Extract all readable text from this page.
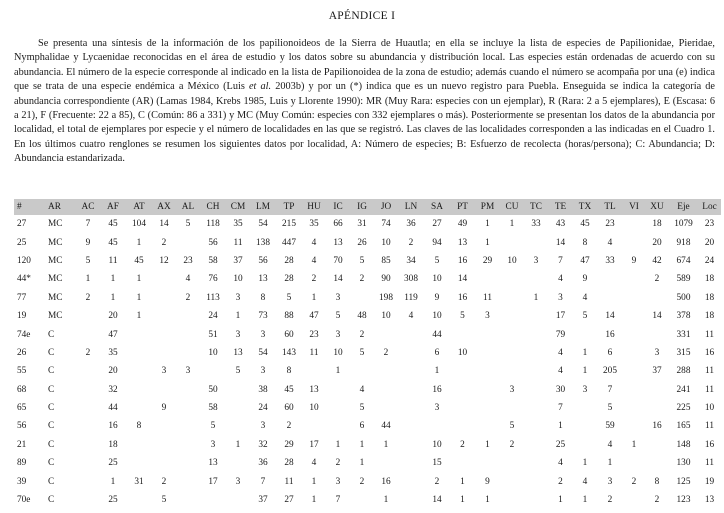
APÉNDICE I

Se presenta una síntesis de la información de los papilionoideos de la Sierra de Huautla; en ella se incluye la lista de especies de Papilionidae, Pieridae, Nymphalidae y Lycaenidae reconocidas en el área de estudio y los datos sobre su abundancia y distribución local. Las especies están ordenadas de acuerdo con su abundancia. El número de la especie corresponde al indicado en la lista de Papilionoidea de la zona de estudio; además cuando el número se acompaña por una (e) indica que se trata de una especie endémica a México (Luis et al. 2003b) y por un (*) indica que es un nuevo registro para Puebla. Enseguida se indica la categoría de abundancia correspondiente (AR) (Lamas 1984, Krebs 1985, Luis y Llorente 1990): MR (Muy Rara: especies con un ejemplar), R (Rara: 2 a 5 ejemplares), E (Escasa: 6 a 21), F (Frecuente: 22 a 85), C (Común: 86 a 331) y MC (Muy Común: especies con 332 ejemplares o más). Posteriormente se presentan los datos de la abundancia por localidad, el total de ejemplares por especie y el número de localidades en las que se registró. Las claves de las localidades corresponden a las indicadas en el Cuadro 1. En los últimos cuatro renglones se resumen los siguientes datos por localidad, A: Número de especies; B: Esfuerzo de recolecta (horas/persona); C: Abundancia; D: Abundancia estandarizada.

#	AR	AC	AF	AT	AX	AL	CH	CM	LM	TP	HU	IC	IG	JO	LN	SA	PT	PM	CU	TC	TE	TX	TL	VI	XU	Eje	Loc
27	MC	7	45	104	14	5	118	35	54	215	35	66	31	74	36	27	49	1	1	33	43	45	23		18	1079	23
25	MC	9	45	1	2		56	11	138	447	4	13	26	10	2	94	13	1			14	8	4		20	918	20
120	MC	5	11	45	12	23	58	37	56	28	4	70	5	85	34	5	16	29	10	3	7	47	33	9	42	674	24
44*	MC	1	1	1		4	76	10	13	28	2	14	2	90	308	10	14				4	9			2	589	18
77	MC	2	1	1		2	113	3	8	5	1	3		198	119	9	16	11		1	3	4				500	18
19	MC		20	1			24	1	73	88	47	5	48	10	4	10	5	3			17	5	14		14	378	18
74e	C		47				51	3	3	60	23	3	2			44					79		16			331	11
26	C	2	35				10	13	54	143	11	10	5	2		6	10				4	1	6		3	315	16
55	C		20		3	3		5	3	8		1				1					4	1	205		37	288	11
68	C		32				50		38	45	13		4			16			3		30	3	7			241	11
65	C		44		9		58		24	60	10		5			3					7		5			225	10
56	C		16	8			5		3	2			6	44					5		1		59		16	165	11
21	C		18				3	1	32	29	17	1	1	1		10	2	1	2		25		4	1		148	16
89	C		25				13		36	28	4	2	1			15					4	1	1			130	11
39	C		1	31	2		17	3	7	11	1	3	2	16		2	1	9			2	4	3	2	8	125	19
70e	C		25		5				37	27	1	7		1		14	1	1			1	1	2		2	123	13
